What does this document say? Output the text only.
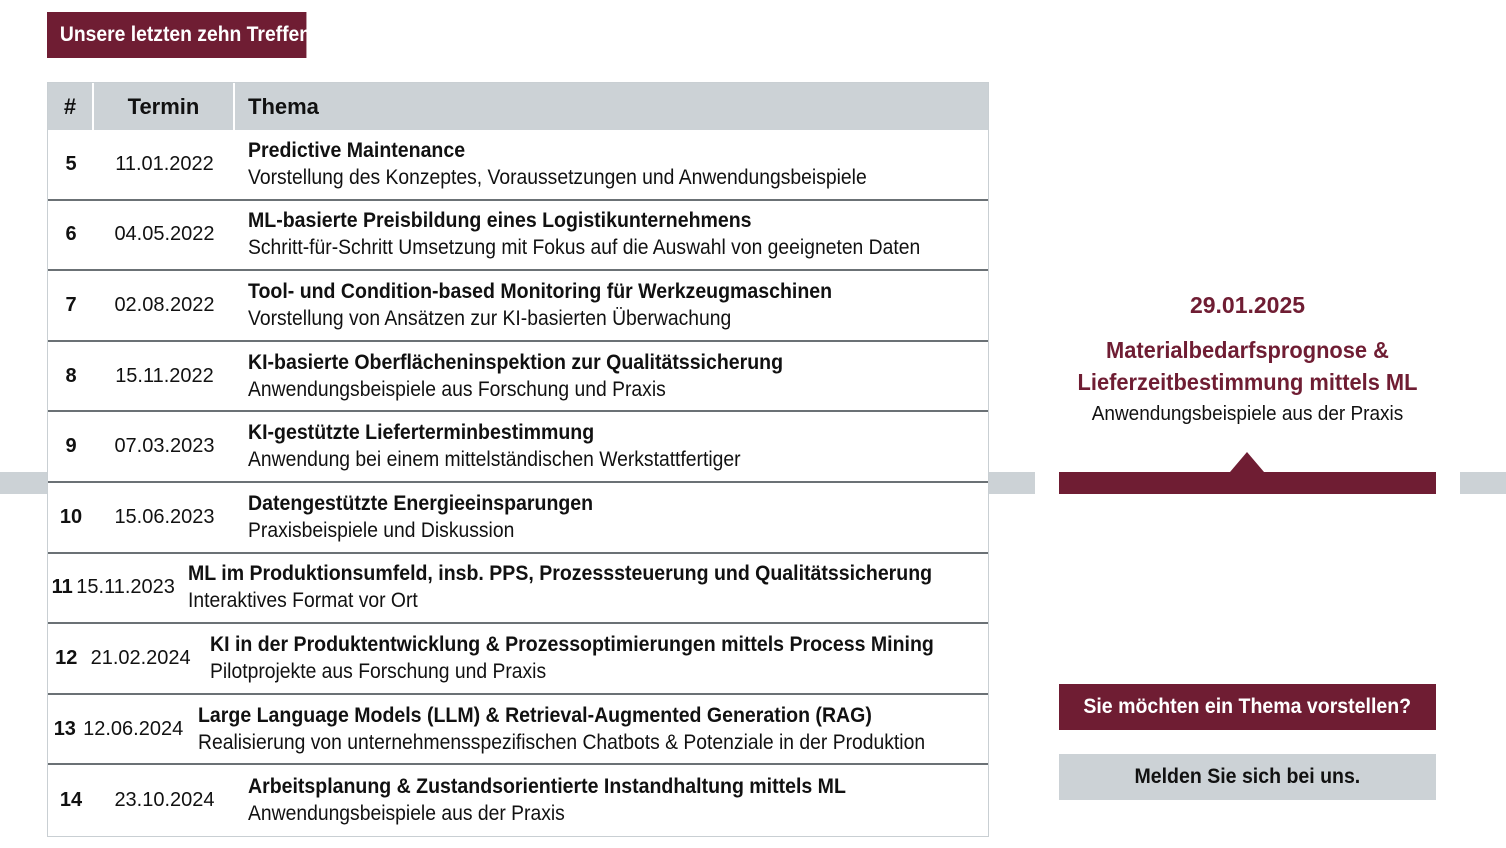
Unsere letzten zehn Treffen:
#	Termin	Thema
5	11.01.2022
Predictive Maintenance
Vorstellung des Konzeptes, Voraussetzungen und Anwendungsbeispiele
6	04.05.2022
ML-basierte Preisbildung eines Logistikunternehmens
Schritt-für-Schritt Umsetzung mit Fokus auf die Auswahl von geeigneten Daten
7	02.08.2022
Tool- und Condition-based Monitoring für Werkzeugmaschinen
Vorstellung von Ansätzen zur KI-basierten Überwachung
8	15.11.2022
KI-basierte Oberflächeninspektion zur Qualitätssicherung
Anwendungsbeispiele aus Forschung und Praxis
9	07.03.2023
KI-gestützte Lieferterminbestimmung
Anwendung bei einem mittelständischen Werkstattfertiger
10	15.06.2023
Datengestützte Energieeinsparungen
Praxisbeispiele und Diskussion
11 15.11.2023
ML im Produktionsumfeld, insb. PPS, Prozesssteuerung und Qualitätssicherung
Interaktives Format vor Ort
12 21.02.2024
KI in der Produktentwicklung & Prozessoptimierungen mittels Process Mining
Pilotprojekte aus Forschung und Praxis
13 12.06.2024
Large Language Models (LLM) & Retrieval-Augmented Generation (RAG)
Realisierung von unternehmensspezifischen Chatbots & Potenziale in der Produktion
14	23.10.2024
Arbeitsplanung & Zustandsorientierte Instandhaltung mittels ML
Anwendungsbeispiele aus der Praxis
29.01.2025
Materialbedarfsprognose &
Lieferzeitbestimmung mittels ML
Anwendungsbeispiele aus der Praxis
Sie möchten ein Thema vorstellen?
Melden Sie sich bei uns.
